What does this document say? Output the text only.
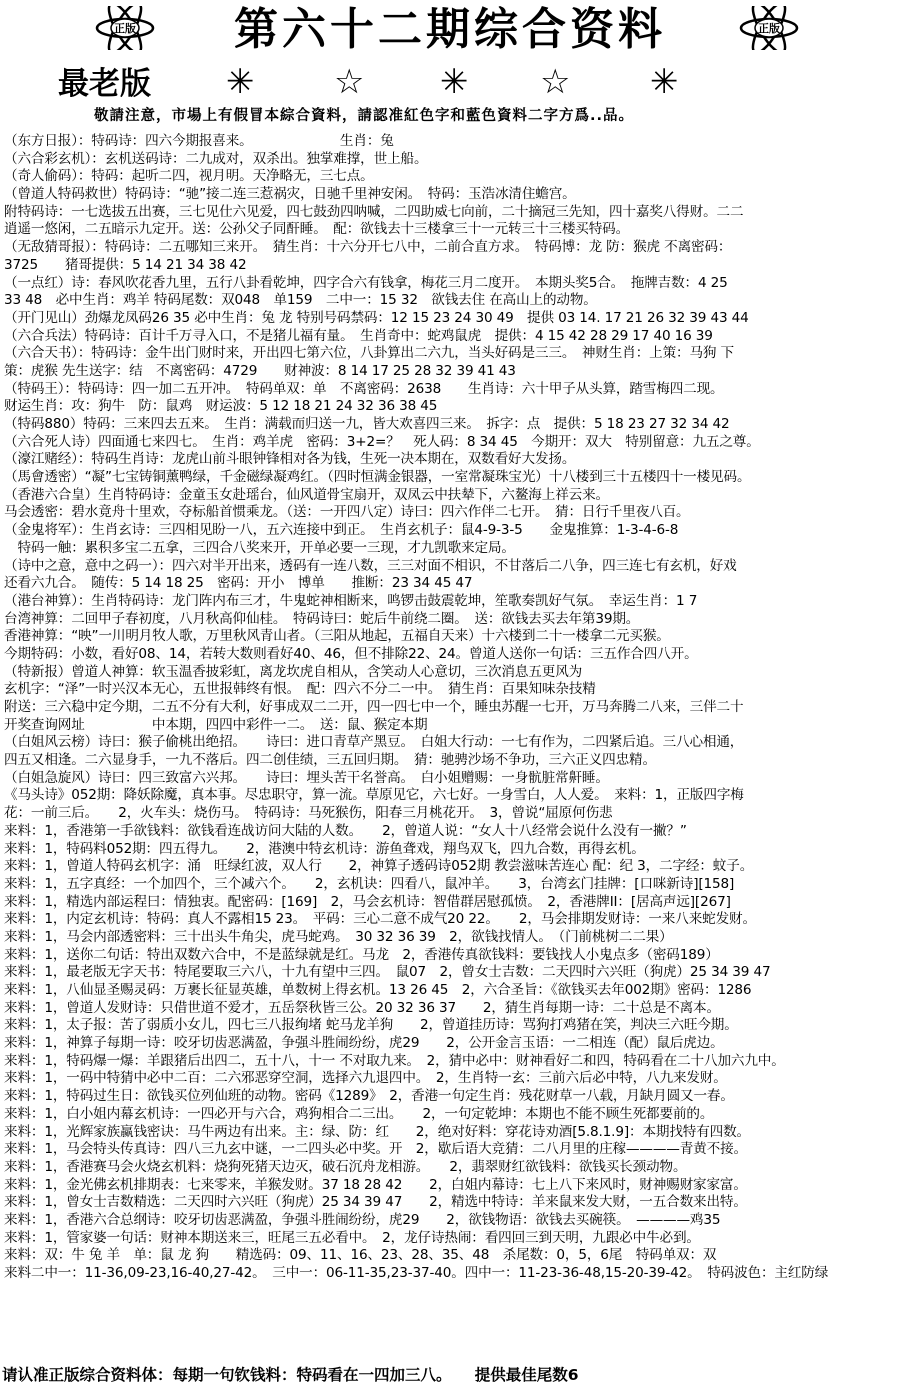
正版	第六十二期综合资料	正版
最老版 ✳ ☆ ✳ ☆ ✳
敬請注意，市場上有假冒本綜合資料，請認准紅色字和藍色資料二字方爲..品。
（东方日报）：特码诗：四六今期报喜来。　　　　　　　生肖：兔
（六合彩玄机）：玄机送码诗：二九成对，双杀出。独掌难撑，世上船。
（奇人偷码）：特码：起听二四，视月明。天净略无，三七点。
（曾道人特码救世）特码诗：“驰”接二连三惹祸灾，日驰千里神安闲。　特码：玉浩冰清住蟾宫。
附特码诗：一七选拔五出赛，三七见仕六见爱，四七鼓劲四呐喊，二四助威七向前，二十摘冠三先知，四十嘉奖八得财。二二
逍遥一悠闲，二五暗示九定开。送：公孙父子同酐睡。　配：欲钱去十三楼拿三十一元转三十三楼买特码。
（无敌猜哥报）：特码诗：二五哪知三来开。　猜生肖：十六分开七八中，二前合直方求。　特码博：龙 防：猴虎 不离密码：
3725　　猪哥提供：5 14 21 34 38 42
（一点红）诗：春风吹花香九里，五行八卦看乾坤，四字合六有钱拿，梅花三月二度开。　本期头奖5合。　拖牌吉数：4 25
33 48　必中生肖：鸡羊 特码尾数：双048　单159　二中一：15 32　欲钱去住 在高山上的动物。
（开门见山）劲爆龙凤码26 35 必中生肖：兔 龙 特别号码禁码：12 15 23 24 30 49　提供 03 14. 17 21 26 32 39 43 44
（六合兵法）特码诗：百计千万寻入口，不是猪儿福有量。　生肖奇中：蛇鸡鼠虎　提供：4 15 42 28 29 17 40 16 39
（六合天书）：特码诗：金牛出门财时来，开出四七第六位，八卦算出二六九，当头好码是三三。　神财生肖：上策：马狗 下
策：虎猴 先生送字：结　不离密码：4729　　财神波：8 14 17 25 28 32 39 41 43
（特码王）：特码诗：四一加二五开冲。　特码单双：单　不离密码：2638　　生肖诗：六十甲子从头算，踏雪梅四二现。
财运生肖：攻：狗牛　防：鼠鸡　财运波：5 12 18 21 24 32 36 38 45
（特码880）特码：三来四去五来。　生肖：满载而归送一九，皆大欢喜四三来。　拆字：点　提供：5 18 23 27 32 34 42
（六合死人诗）四面通七来四七。　生肖：鸡羊虎　密码：3+2=？　死人码：8 34 45　今期开：双大　特别留意：九五之尊。
（濠江赌经）：特码生肖诗：龙虎山前斗眼钟锋相对各为钱，生死一决本期在，双数看好大发扬。
（馬會透密）“凝”七宝铸铜薰鸭绿，千金磁绿凝鸡红。（四时恒满金银器，一室常凝珠宝光）十八楼到三十五楼四十一楼见码。
（香港六合皇）生肖特码诗：金童玉女赴瑶台，仙风道骨宝扇开，双凤云中扶辇下，六鳌海上祥云来。
马会透密：碧水竟舟十里欢，夺标船首惯乘龙。（送：一开四八定）诗曰：四六作伴二七开。　猜：日行千里夜八百。
（金鬼将军）：生肖玄诗：三四相见盼一八，五六连接中到正。　生肖玄机子：鼠4-9-3-5　　金鬼推算：1-3-4-6-8
　特码一触：累积多宝二五拿，三四合八奖来开，开单必要一三现，才九凯歌来定局。
（诗中之意，意中之码一）：四六对半开出来，透码有一连八数，三三对面不相识，不甘落后二八争，四三连七有玄机，好戏
还看六九合。　随传：5 14 18 25　密码：开小　博单　　推断：23 34 45 47
（港台神算）：生肖特码诗：龙门阵内布三才，牛鬼蛇神相断来，鸣锣击鼓震乾坤，笙歌奏凯好气氛。　幸运生肖：1 7
台湾神算：二回甲子春初度，八月秋高仰仙桂。　特码诗曰：蛇后牛前绕二圈。　送：欲钱去买去年第39期。
香港神算：“映”一川明月牧人歌，万里秋风青山者。（三阳从地起，五福自天来）十六楼到二十一楼拿二元买猴。
今期特码：小数，看好08、14，若转大数则看好40、46，但不排除22、24。曾道人送你一句话：三五作合四八开。
（特新报）曾道人神算：软玉温香披彩虹，离龙坎虎自相从，含笑动人心意切，三次消息五更风为
玄机字：“泽”一时兴汉本无心，五世报韩终有恨。　配：四六不分二一中。　猜生肖：百果知味杂技精
附送：三六稳中定今期，二五不分有大利，好事成双二二开，四一四七中一个，睡虫苏醒一七开，万马奔腾二八来，三伴二十
开奖查询网址　　　　　中本期，四四中彩件一二。　送：鼠、猴定本期
（白姐风云榜）诗曰：猴子偷桃出绝招。　　诗曰：进口青草产黑豆。　白姐大行动：一七有作为，二四紧后追。三八心相通，
四五又相逢。二六显身手，一九不落后。四二创佳绩，三五回归期。　猜：驰骋沙场不争功，三六正义四忠精。
（白姐急旋风）诗曰：四三致富六兴邦。　　诗曰：埋头苦干名誉高。　白小姐赠赐：一身骯脏常鼾睡。
《马头诗》052期：降妖除魔，真本事。尽忠职守，算一流。草原见它，六七好。一身雪白，人人爱。　来料：1，正版四字梅
花：一前三后。　　2，火车头：烧伤马。　特码诗：马死猴伤，阳春三月桃花开。　3，曾说“屈原何伤悲
来料：1，香港第一手欲钱料：欲钱看连战访问大陆的人数。　　2，曾道人说：“女人十八经常会说什么没有一撇？”
来料：1，特码料052期：四五得九。　　2，港澳中特玄机诗：游鱼聋戏，翔鸟双飞，四九合数，再得玄机。
来料：1，曾道人特码玄机字：涌　旺绿红波，双人行　　2，神算子透码诗052期 教尝滋味苦连心 配：纪 3，二字经：蚊子。
来料：1，五字真经：一个加四个，三个减六个。　　2，玄机诀：四看八，鼠冲羊。　　3，台湾玄门挂牌：[口咪新诗][158]
来料：1，精选内部运程曰：情独衷。配密码：[169]　2，马会玄机诗：智借群居慰孤愤。　2，香港牌II：[居高声远][267]
来料：1，内定玄机诗：特码：真人不露相15 23。　平码：三心二意不成气20 22。　　2，马会排期发财诗：一来八来蛇发财。
来料：1，马会内部透密料：三十出头牛角尖，虎马蛇鸡。　30 32 36 39　2，欲钱找情人。　（门前桃树二二果）
来料：1，送你二句话：特出双数六合中，不是蓝绿就是红。马龙　2，香港传真欲钱料：要钱找人小鬼点多（密码189）
来料：1，最老版无字天书：特尾要取三六八，十九有望中三四。　鼠07　2，曾女士吉数：二天四时六兴旺（狗虎）25 34 39 47
来料：1，八仙显圣赐灵码：万裹长征显英雄，单数树上得玄机。13 26 45　2，六合圣旨：《欲钱买去年002期》密码：1286
来料：1，曾道人发财诗：只借世道不爱才，五岳祭秋皆三公。20 32 36 37　　2，猜生肖每期一诗：二十总是不离本。
来料：1，太子报：苦了弱质小女儿，四七三八报绚堵 蛇马龙羊狗　　2，曾道挂历诗：骂狗打鸡猪在笑，判决三六旺今期。
来料：1，神算子每期一诗：咬牙切齿恶满盈，争强斗胜闹纷纷，虎29　　2，公开金言玉语：一二相连（配）鼠后虎边。
来料：1，特码爆一爆：羊跟猪后出四二，五十八，十一 不对取九来。　2，猜中必中：财神看好二和四，特码看在二十八加六九中。
来料：1，一码中特猜中必中二百：二六邪恶穿空洞，选择六九退四中。　2，生肖特一玄：三前六后必中特，八九来发财。
来料：1，特码过生日：欲钱买位列仙班的动物。密码《1289》　2，香港一句定生肖：残花财草一八载，月缺月圆又一春。
来料：1，白小姐内幕玄机诗：一四必开与六合，鸡狗相合二三出。　　2，一句定乾坤：本期也不能不顾生死都要前的。
来料：1，光辉家族赢钱密诀：马牛两边有出来。主：绿、防：红　　2，绝对好料：穿花诗劝酒[5.8.1.9]：本期找特有四数。
来料：1，马会特头传真诗：四八三九玄中谜，一二四头必中奖。开　2，歇后语大竞猜：二八月里的庄稼————青黄不接。
来料：1，香港赛马会火烧玄机料：烧狗死猪天边灭，破石沉舟龙相游。　　2，翡翠财红欲钱料：欲钱买长颈动物。
来料：1，金光佛玄机排期表：七来零来，羊猴发财。37 18 28 42　　2，白姐内幕诗：七上八下来风时，财神赐财家家富。
来料：1，曾女士吉数精选：二天四时六兴旺（狗虎）25 34 39 47　　2，精选中特诗：羊来鼠来发大财，一五合数来出特。
来料：1，香港六合总纲诗：咬牙切齿恶满盈，争强斗胜闹纷纷，虎29　　2，欲钱物语：欲钱去买碗筷。　————鸡35
来料：1，管家婆一句话：财神本期送来三，旺尾三五必看中。　2，龙仔诗热闹：看四回三到天明，九跟必中牛必到。
来料：双：牛 兔 羊　单：鼠 龙 狗　　精选码：09、11、16、23、28、35、48　杀尾数：0，5，6尾　特码单双：双
来料二中一：11-36,09-23,16-40,27-42。　三中一：06-11-35,23-37-40。四中一：11-23-36-48,15-20-39-42。　特码波色：主红防绿
请认准正版综合资料体：每期一句钦钱料：特码看在一四加三八。　　提供最佳尾数6
